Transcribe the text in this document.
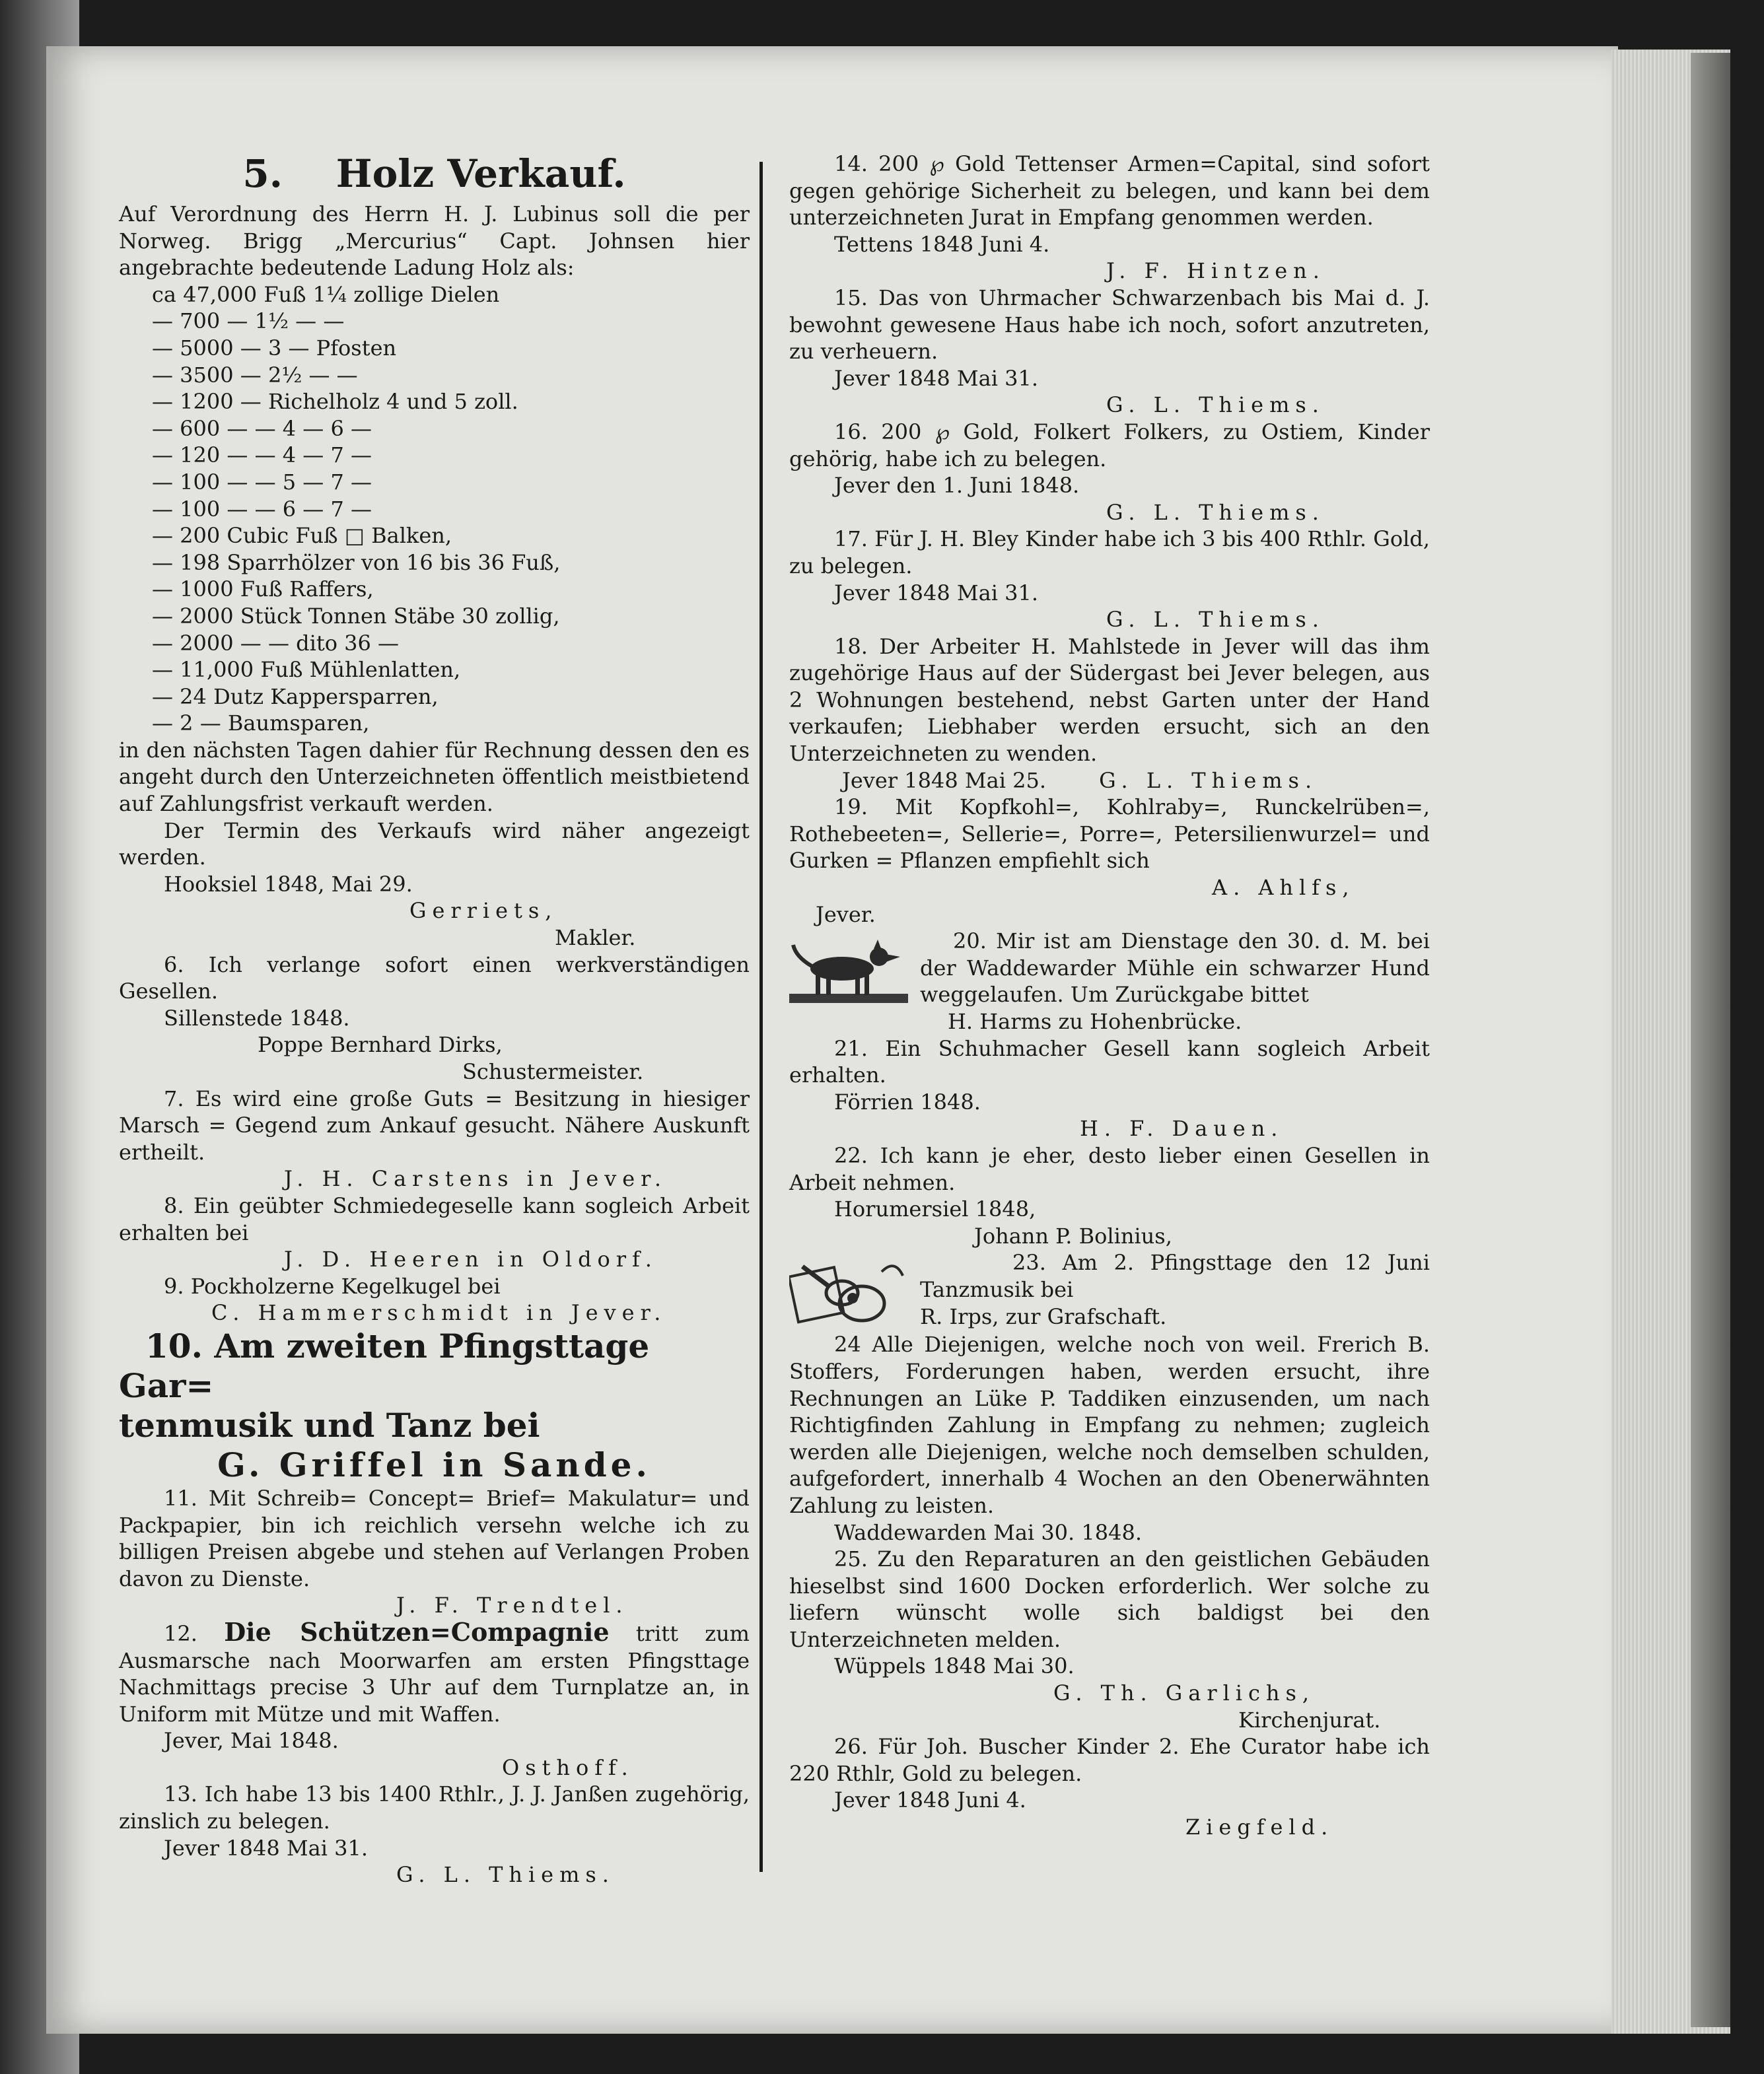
5. Holz Verkauf.

Auf Verordnung des Herrn H. J. Lubinus soll die per Norweg. Brigg „Mercurius“ Capt. Johnsen hier angebrachte bedeutende Ladung Holz als:

ca 47,000 Fuß 1¼ zollige Dielen
— 700 — 1½ — —
— 5000 — 3 — Pfosten
— 3500 — 2½ — —
— 1200 — Richelholz 4 und 5 zoll.
— 600 — — 4 — 6 —
— 120 — — 4 — 7 —
— 100 — — 5 — 7 —
— 100 — — 6 — 7 —
— 200 Cubic Fuß □ Balken,
— 198 Sparrhölzer von 16 bis 36 Fuß,
— 1000 Fuß Raffers,
— 2000 Stück Tonnen Stäbe 30 zollig,
— 2000 — — dito 36 —
— 11,000 Fuß Mühlenlatten,
— 24 Dutz Kappersparren,
— 2 — Baumsparen,

in den nächsten Tagen dahier für Rechnung dessen den es angeht durch den Unterzeichneten öffentlich meistbietend auf Zahlungsfrist verkauft werden.

Der Termin des Verkaufs wird näher angezeigt werden.

Hooksiel 1848, Mai 29.

Gerriets,

Makler.

6. Ich verlange sofort einen werkverständigen Gesellen.

Sillenstede 1848.

Poppe Bernhard Dirks,

Schustermeister.

7. Es wird eine große Guts = Besitzung in hiesiger Marsch = Gegend zum Ankauf gesucht. Nähere Auskunft ertheilt.

J. H. Carstens in Jever.

8. Ein geübter Schmiedegeselle kann sogleich Arbeit erhalten bei

J. D. Heeren in Oldorf.

9. Pockholzerne Kegelkugel bei

C. Hammerschmidt in Jever.

10. Am zweiten Pfingsttage Gar=

tenmusik und Tanz bei

G. Griffel in Sande.

11. Mit Schreib= Concept= Brief= Makulatur= und Packpapier, bin ich reichlich versehn welche ich zu billigen Preisen abgebe und stehen auf Verlangen Proben davon zu Dienste.

J. F. Trendtel.

12. Die Schützen=Compagnie tritt zum Ausmarsche nach Moorwarfen am ersten Pfingsttage Nachmittags precise 3 Uhr auf dem Turnplatze an, in Uniform mit Mütze und mit Waffen.

Jever, Mai 1848.

Osthoff.

13. Ich habe 13 bis 1400 Rthlr., J. J. Janßen zugehörig, zinslich zu belegen.

Jever 1848 Mai 31.

G. L. Thiems.

14. 200 ℘ Gold Tettenser Armen=Capital, sind sofort gegen gehörige Sicherheit zu belegen, und kann bei dem unterzeichneten Jurat in Empfang genommen werden.

Tettens 1848 Juni 4.

J. F. Hintzen.

15. Das von Uhrmacher Schwarzenbach bis Mai d. J. bewohnt gewesene Haus habe ich noch, sofort anzutreten, zu verheuern.

Jever 1848 Mai 31.

G. L. Thiems.

16. 200 ℘ Gold, Folkert Folkers, zu Ostiem, Kinder gehörig, habe ich zu belegen.

Jever den 1. Juni 1848.

G. L. Thiems.

17. Für J. H. Bley Kinder habe ich 3 bis 400 Rthlr. Gold, zu belegen.

Jever 1848 Mai 31.

G. L. Thiems.

18. Der Arbeiter H. Mahlstede in Jever will das ihm zugehörige Haus auf der Südergast bei Jever belegen, aus 2 Wohnungen bestehend, nebst Garten unter der Hand verkaufen; Liebhaber werden ersucht, sich an den Unterzeichneten zu wenden.

Jever 1848 Mai 25.	G. L. Thiems.

19. Mit Kopfkohl=, Kohlraby=, Runckelrüben=, Rothebeeten=, Sellerie=, Porre=, Petersilienwurzel= und Gurken = Pflanzen empfiehlt sich

A. Ahlfs,

Jever.

20. Mir ist am Dienstage den 30. d. M. bei der Waddewarder Mühle ein schwarzer Hund weggelaufen. Um Zurückgabe bittet

H. Harms zu Hohenbrücke.

21. Ein Schuhmacher Gesell kann sogleich Arbeit erhalten.

Förrien 1848.

H. F. Dauen.

22. Ich kann je eher, desto lieber einen Gesellen in Arbeit nehmen.

Horumersiel 1848,

Johann P. Bolinius,

23. Am 2. Pfingsttage den 12 Juni Tanzmusik bei

R. Irps, zur Grafschaft.

24 Alle Diejenigen, welche noch von weil. Frerich B. Stoffers, Forderungen haben, werden ersucht, ihre Rechnungen an Lüke P. Taddiken einzusenden, um nach Richtigfinden Zahlung in Empfang zu nehmen; zugleich werden alle Diejenigen, welche noch demselben schulden, aufgefordert, innerhalb 4 Wochen an den Obenerwähnten Zahlung zu leisten.

Waddewarden Mai 30. 1848.

25. Zu den Reparaturen an den geistlichen Gebäuden hieselbst sind 1600 Docken erforderlich. Wer solche zu liefern wünscht wolle sich baldigst bei den Unterzeichneten melden.

Wüppels 1848 Mai 30.

G. Th. Garlichs,

Kirchenjurat.

26. Für Joh. Buscher Kinder 2. Ehe Curator habe ich 220 Rthlr, Gold zu belegen.

Jever 1848 Juni 4.

Ziegfeld.
